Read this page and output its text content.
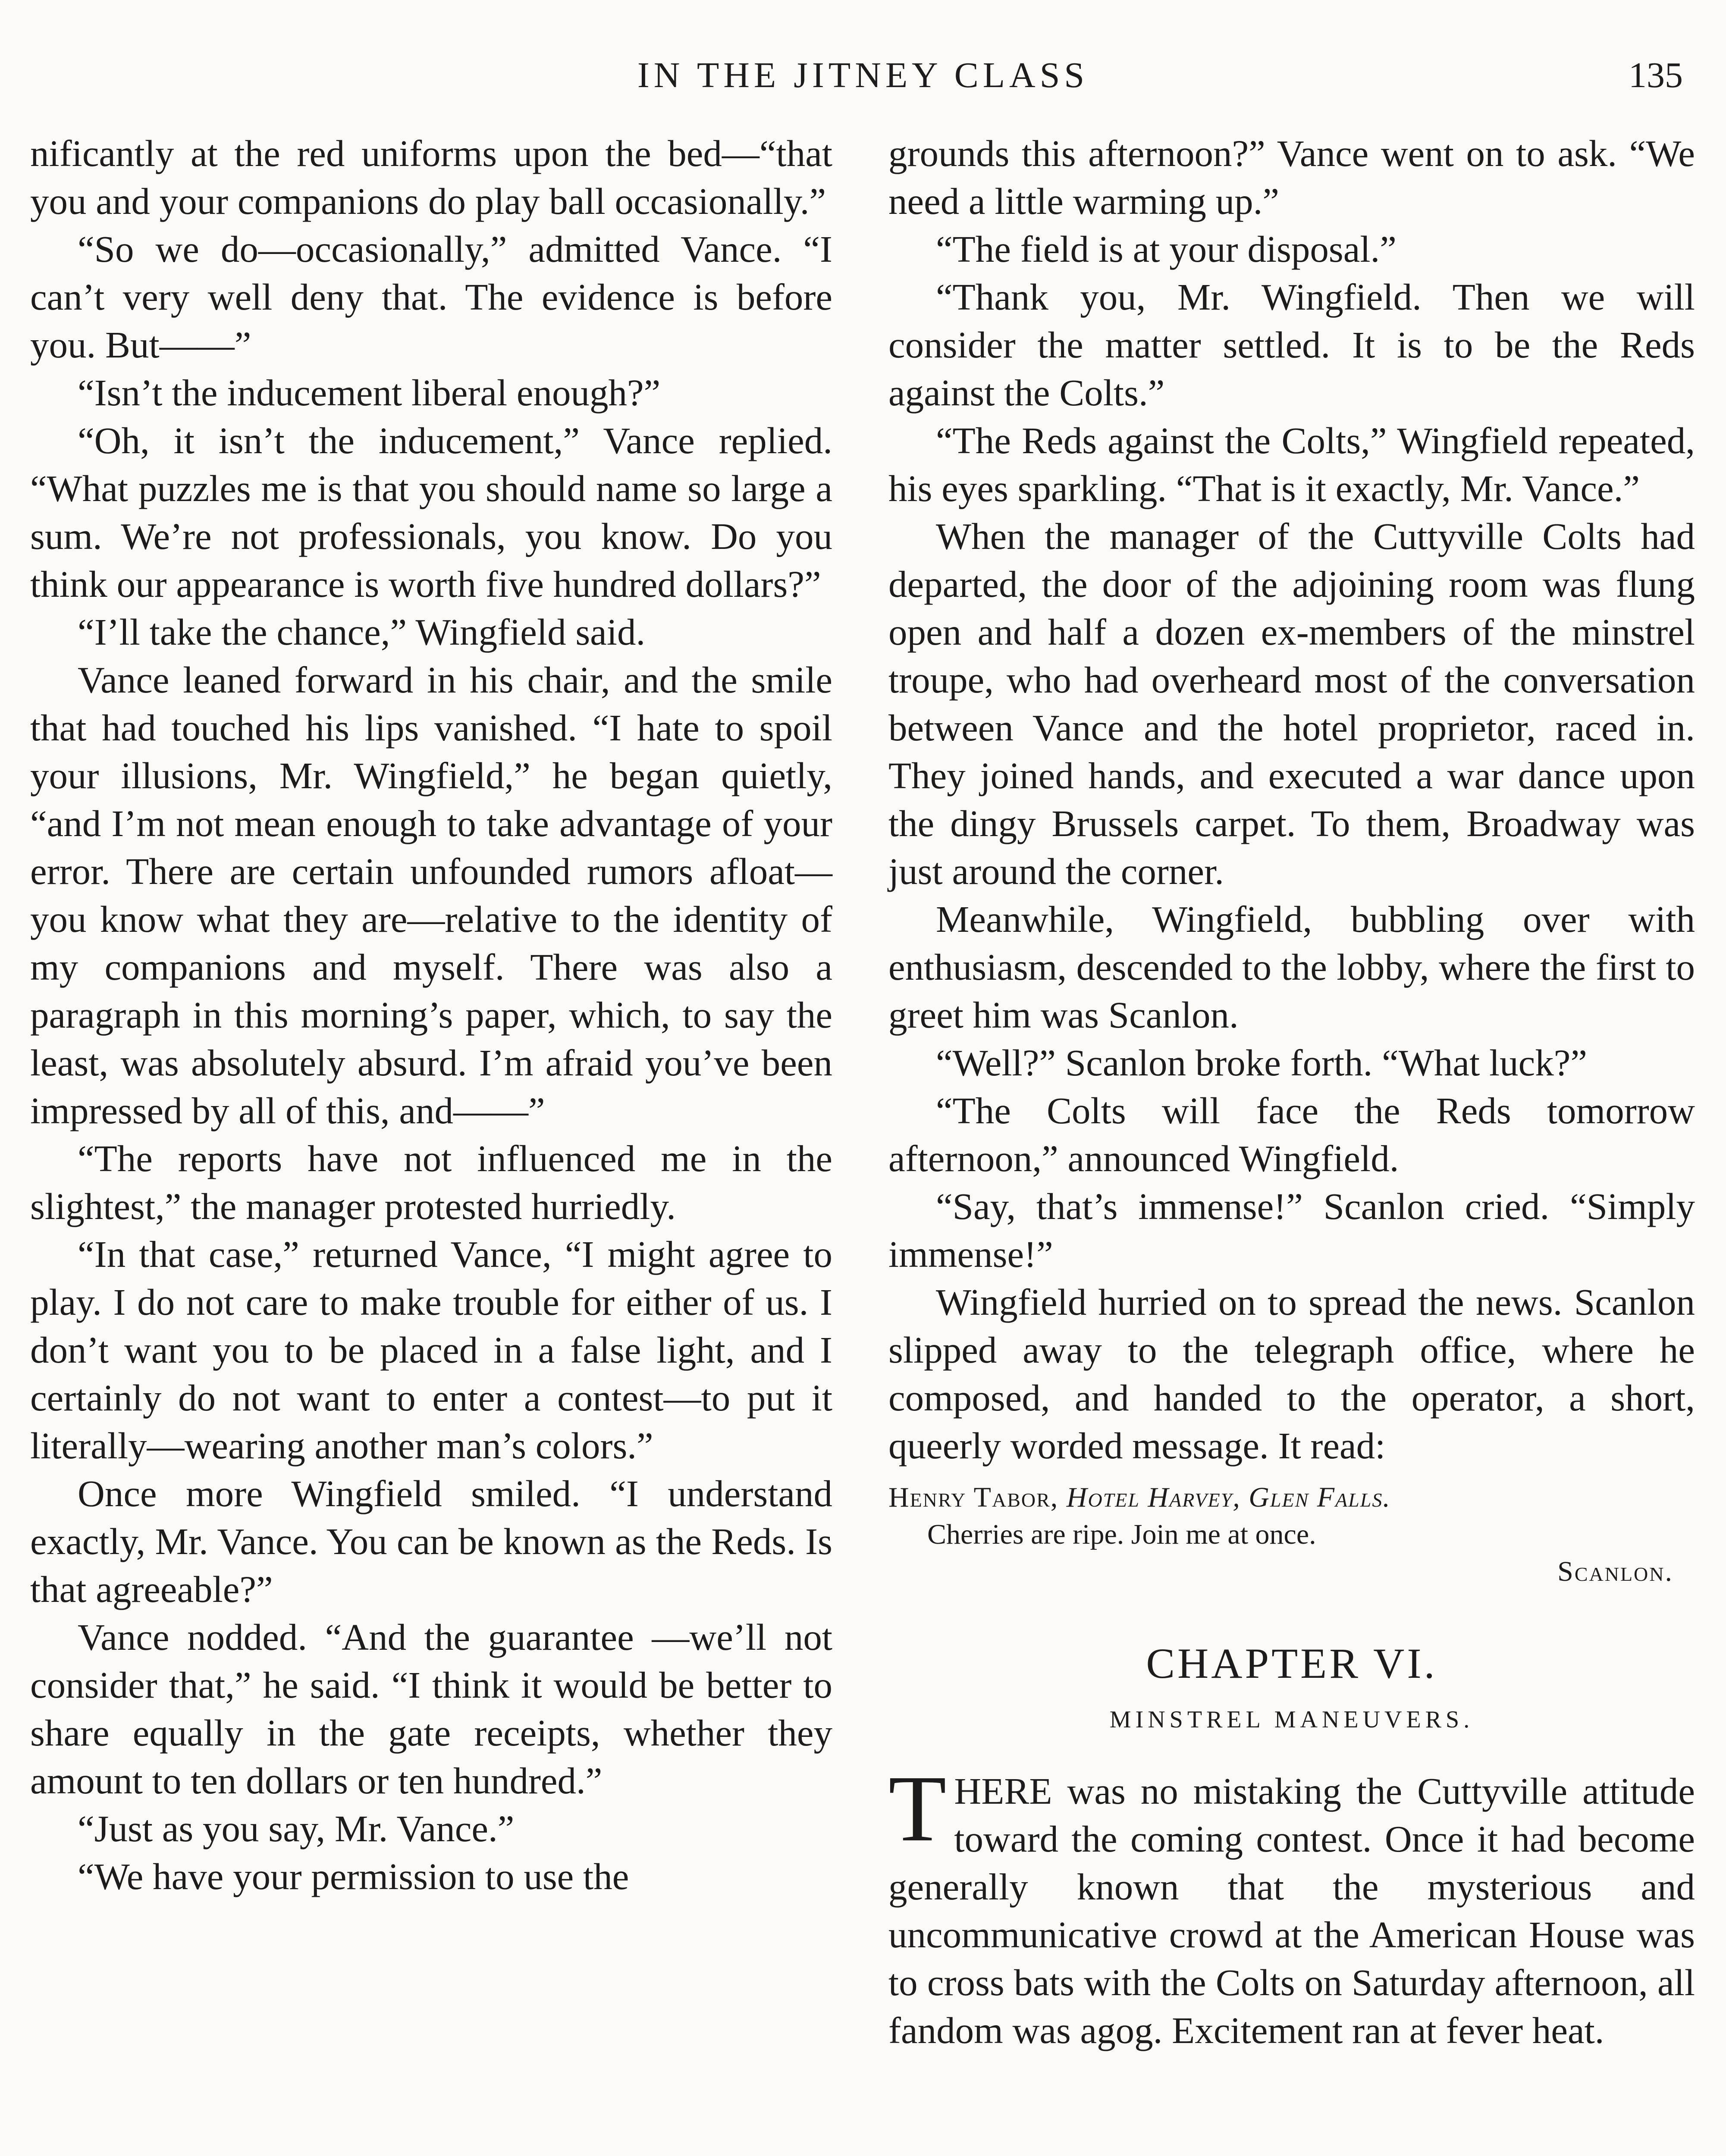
IN THE JITNEY CLASS	135

nificantly at the red uniforms upon the bed—“that you and your companions do play ball occasionally.”

“So we do—occasionally,” admitted Vance. “I can’t very well deny that. The evidence is before you. But——”

“Isn’t the inducement liberal enough?”

“Oh, it isn’t the inducement,” Vance replied. “What puzzles me is that you should name so large a sum. We’re not professionals, you know. Do you think our appearance is worth five hundred dollars?”

“I’ll take the chance,” Wingfield said.

Vance leaned forward in his chair, and the smile that had touched his lips vanished. “I hate to spoil your illusions, Mr. Wingfield,” he began quietly, “and I’m not mean enough to take advantage of your error. There are certain unfounded rumors afloat—you know what they are—relative to the identity of my companions and myself. There was also a paragraph in this morning’s paper, which, to say the least, was absolutely absurd. I’m afraid you’ve been impressed by all of this, and——”

“The reports have not influenced me in the slightest,” the manager protested hurriedly.

“In that case,” returned Vance, “I might agree to play. I do not care to make trouble for either of us. I don’t want you to be placed in a false light, and I certainly do not want to enter a contest—to put it literally—wearing another man’s colors.”

Once more Wingfield smiled. “I understand exactly, Mr. Vance. You can be known as the Reds. Is that agreeable?”

Vance nodded. “And the guarantee —we’ll not consider that,” he said. “I think it would be better to share equally in the gate receipts, whether they amount to ten dollars or ten hundred.”

“Just as you say, Mr. Vance.”

“We have your permission to use the

grounds this afternoon?” Vance went on to ask. “We need a little warming up.”

“The field is at your disposal.”

“Thank you, Mr. Wingfield. Then we will consider the matter settled. It is to be the Reds against the Colts.”

“The Reds against the Colts,” Wingfield repeated, his eyes sparkling. “That is it exactly, Mr. Vance.”

When the manager of the Cuttyville Colts had departed, the door of the adjoining room was flung open and half a dozen ex-members of the minstrel troupe, who had overheard most of the conversation between Vance and the hotel proprietor, raced in. They joined hands, and executed a war dance upon the dingy Brussels carpet. To them, Broadway was just around the corner.

Meanwhile, Wingfield, bubbling over with enthusiasm, descended to the lobby, where the first to greet him was Scanlon.

“Well?” Scanlon broke forth. “What luck?”

“The Colts will face the Reds tomorrow afternoon,” announced Wingfield.

“Say, that’s immense!” Scanlon cried. “Simply immense!”

Wingfield hurried on to spread the news. Scanlon slipped away to the telegraph office, where he composed, and handed to the operator, a short, queerly worded message. It read:

Henry Tabor, Hotel Harvey, Glen Falls.
Cherries are ripe. Join me at once.
Scanlon.
CHAPTER VI.
MINSTREL MANEUVERS.

THERE was no mistaking the Cuttyville attitude toward the coming contest. Once it had become generally known that the mysterious and uncommunicative crowd at the American House was to cross bats with the Colts on Saturday afternoon, all fandom was agog. Excitement ran at fever heat.
